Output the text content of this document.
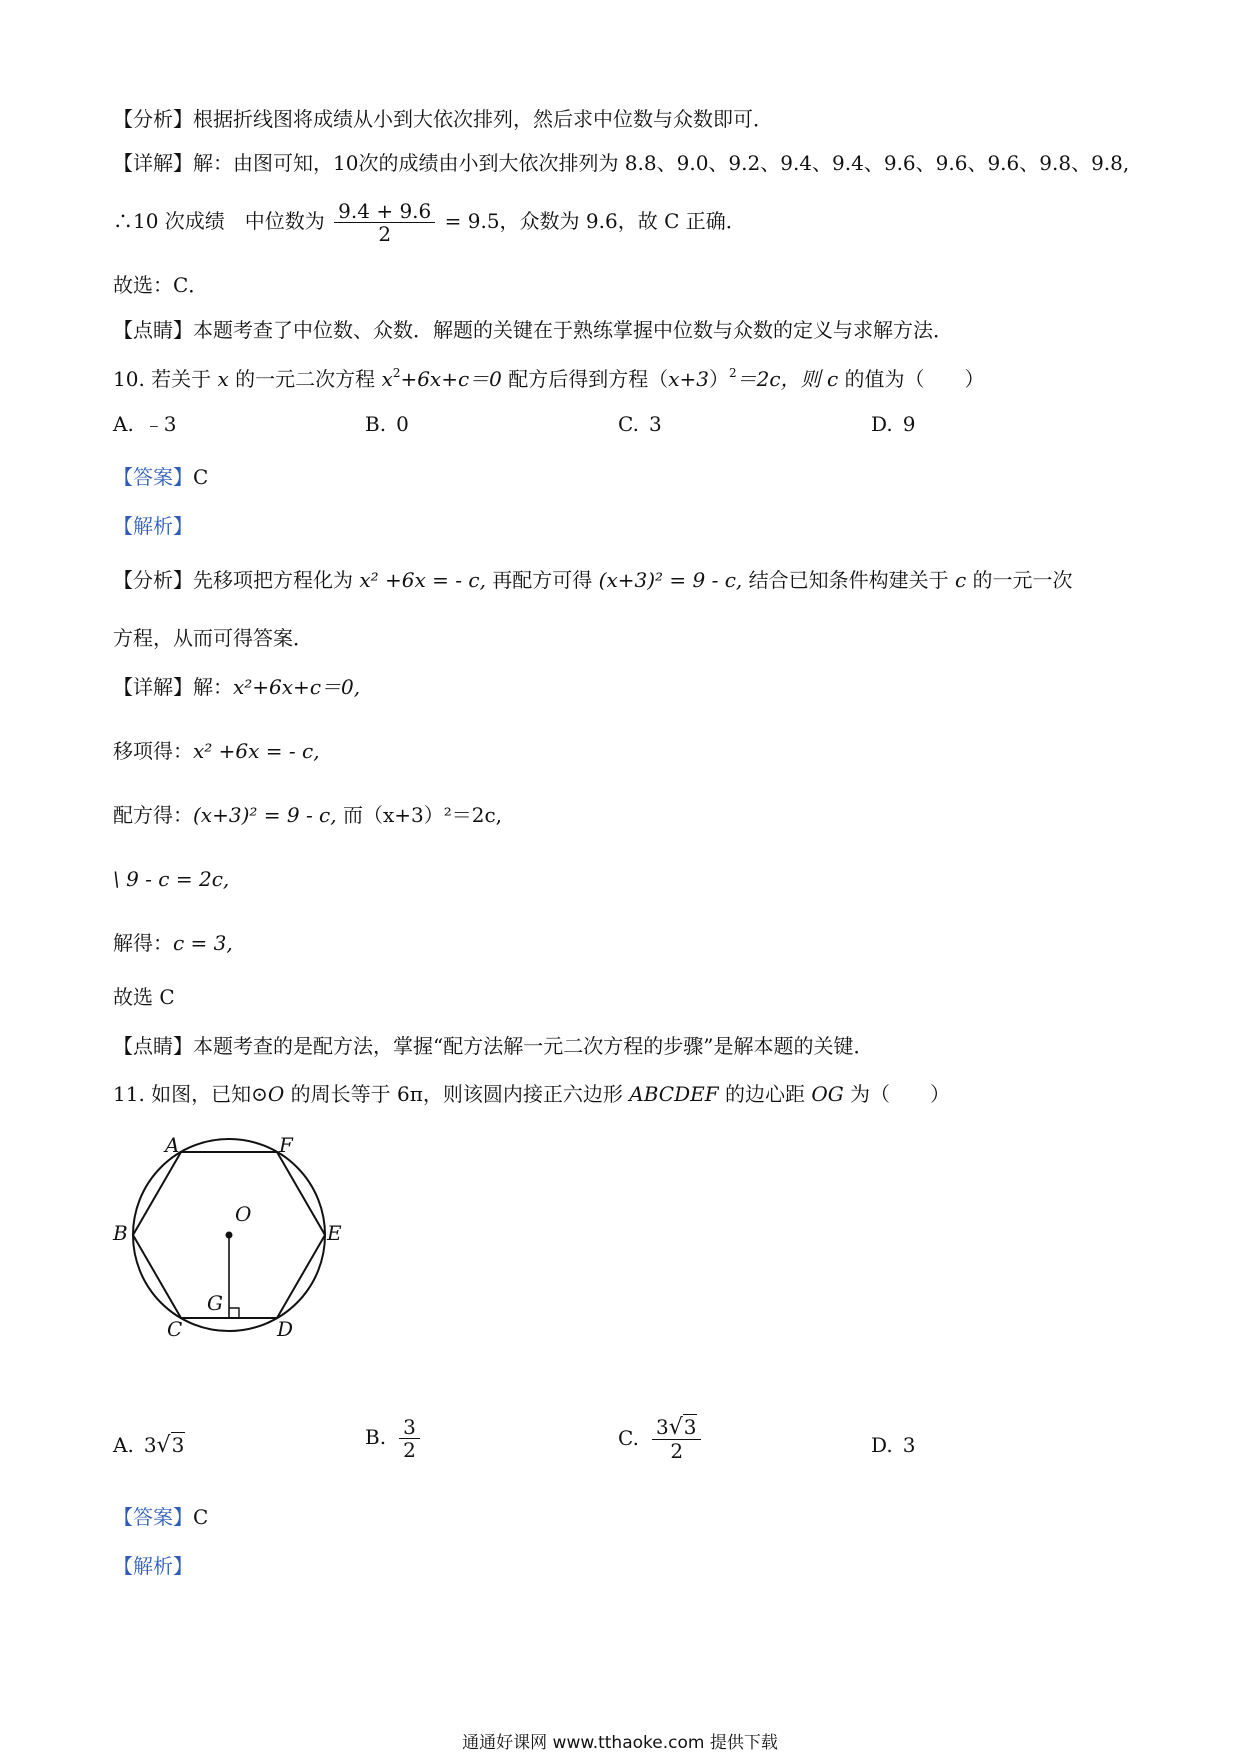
【分析】根据折线图将成绩从小到大依次排列，然后求中位数与众数即可．
【详解】解：由图可知，10次的成绩由小到大依次排列为 8.8、9.0、9.2、9.4、9.4、9.6、9.6、9.6、9.8、9.8,
∴10 次成绩　中位数为 $\frac{9.4 + 9.6}{2} = 9.5$，众数为 9.6，故 C 正确．
故选：C．
【点睛】本题考查了中位数、众数．解题的关键在于熟练掌握中位数与众数的定义与求解方法．
10. 若关于 x 的一元二次方程 $x^2+6x+c=0$ 配方后得到方程$(x+3)^2=2c$，则 c 的值为（　　）
A. ﹣3	B. 0	C. 3	D. 9
【答案】C
【解析】
【分析】先移项把方程化为 x² +6x = - c, 再配方可得 (x+3)² = 9 - c, 结合已知条件构建关于 c 的一元一次
方程，从而可得答案．
【详解】解：x²+6x+c＝0,
移项得：x² +6x = - c,
配方得：(x+3)² = 9 - c, 而（x+3）²＝2c,
\ 9 - c = 2c,
解得：c = 3,
故选 C
【点睛】本题考查的是配方法，掌握“配方法解一元二次方程的步骤”是解本题的关键．
11. 如图，已知⊙O 的周长等于 6π，则该圆内接正六边形 ABCDEF 的边心距 OG 为（　　）
A	F
B	E
O
G
C	D
A. 3√3	B. $\frac{3}{2}$	C. $\frac{3√3}{2}$	D. 3
【答案】C
【解析】
通通好课网 www.tthaoke.com 提供下载
